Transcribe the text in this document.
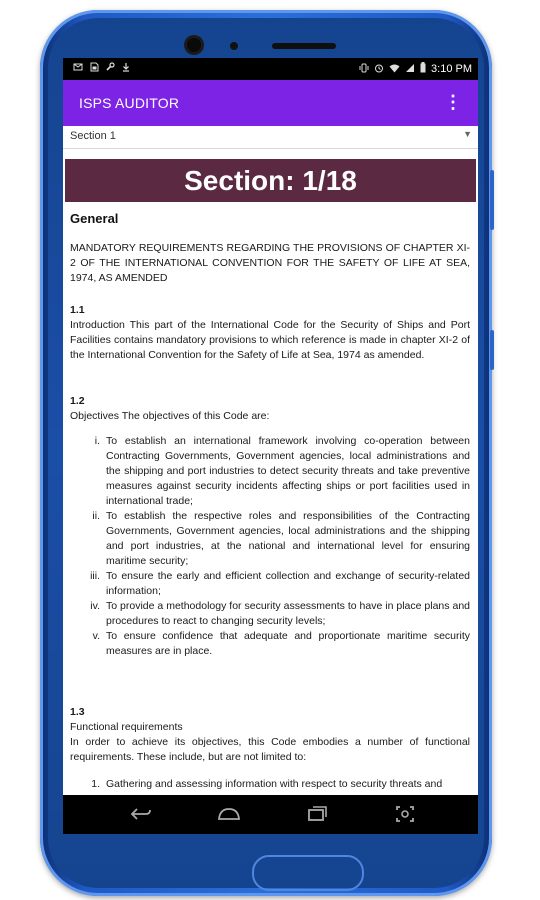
3:10 PM
ISPS AUDITOR	⋮
Section 1	▼
Section: 1/18
General
MANDATORY REQUIREMENTS REGARDING THE PROVISIONS OF CHAPTER XI-2 OF THE INTERNATIONAL CONVENTION FOR THE SAFETY OF LIFE AT SEA, 1974, AS AMENDED
1.1
Introduction This part of the International Code for the Security of Ships and Port Facilities contains mandatory provisions to which reference is made in chapter XI-2 of the International Convention for the Safety of Life at Sea, 1974 as amended.
1.2
Objectives The objectives of this Code are:
i. To establish an international framework involving co-operation between Contracting Governments, Government agencies, local administrations and the shipping and port industries to detect security threats and take preventive measures against security incidents affecting ships or port facilities used in international trade;
ii. To establish the respective roles and responsibilities of the Contracting Governments, Government agencies, local administrations and the shipping and port industries, at the national and international level for ensuring maritime security;
iii. To ensure the early and efficient collection and exchange of security-related information;
iv. To provide a methodology for security assessments to have in place plans and procedures to react to changing security levels;
v. To ensure confidence that adequate and proportionate maritime security measures are in place.
1.3
Functional requirements
In order to achieve its objectives, this Code embodies a number of functional requirements. These include, but are not limited to:
1. Gathering and assessing information with respect to security threats and
